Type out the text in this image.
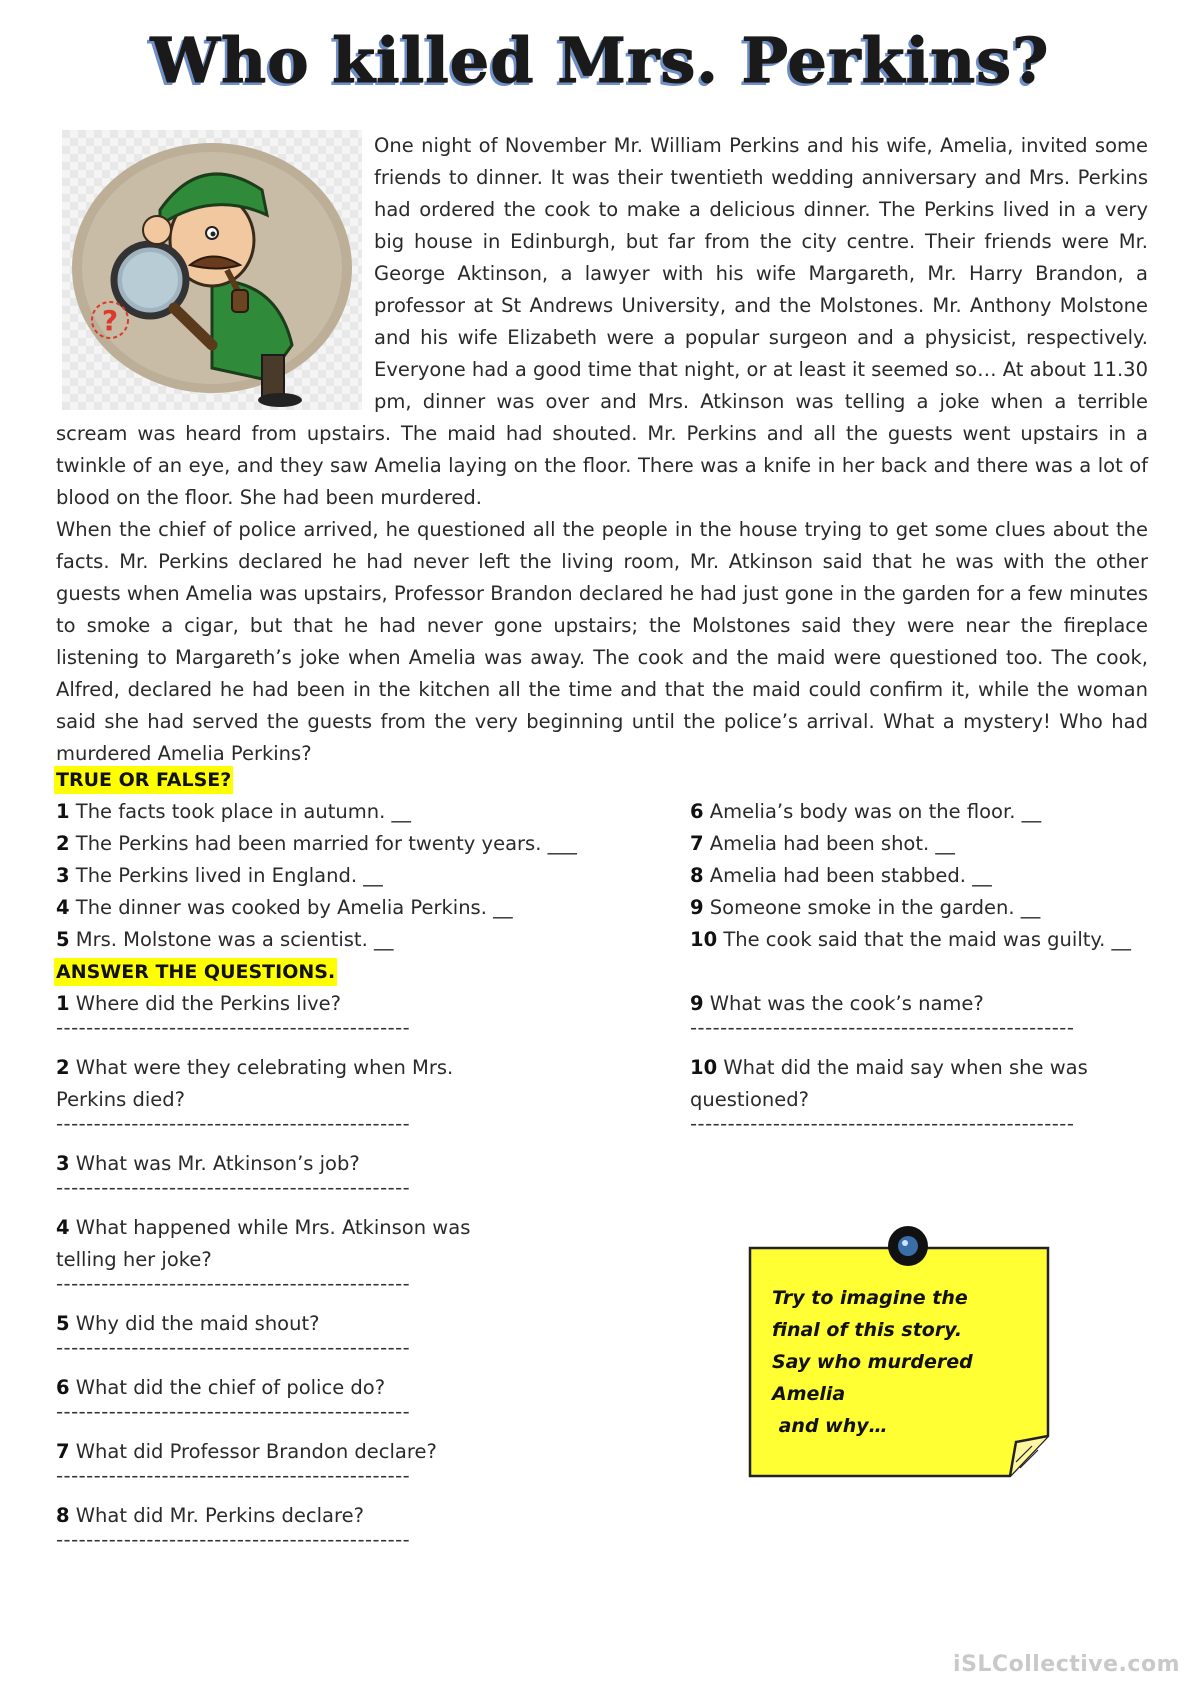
Who killed Mrs. Perkins?
?

One night of November Mr. William Perkins and his wife, Amelia, invited some friends to dinner. It was their twentieth wedding anniversary and Mrs. Perkins had ordered the cook to make a delicious dinner. The Perkins lived in a very big house in Edinburgh, but far from the city centre. Their friends were Mr. George Aktinson, a lawyer with his wife Margareth, Mr. Harry Brandon, a professor at St Andrews University, and the Molstones. Mr. Anthony Molstone and his wife Elizabeth were a popular surgeon and a physicist, respectively. Everyone had a good time that night, or at least it seemed so… At about 11.30 pm, dinner was over and Mrs. Atkinson was telling a joke when a terrible scream was heard from upstairs. The maid had shouted. Mr. Perkins and all the guests went upstairs in a twinkle of an eye, and they saw Amelia laying on the floor. There was a knife in her back and there was a lot of blood on the floor. She had been murdered.

When the chief of police arrived, he questioned all the people in the house trying to get some clues about the facts. Mr. Perkins declared he had never left the living room, Mr. Atkinson said that he was with the other guests when Amelia was upstairs, Professor Brandon declared he had just gone in the garden for a few minutes to smoke a cigar, but that he had never gone upstairs; the Molstones said they were near the fireplace listening to Margareth’s joke when Amelia was away. The cook and the maid were questioned too. The cook, Alfred, declared he had been in the kitchen all the time and that the maid could confirm it, while the woman said she had served the guests from the very beginning until the police’s arrival. What a mystery! Who had murdered Amelia Perkins?

TRUE OR FALSE?
1 The facts took place in autumn. __
2 The Perkins had been married for twenty years. ___
3 The Perkins lived in England. __
4 The dinner was cooked by Amelia Perkins. __
5 Mrs. Molstone was a scientist. __
6 Amelia’s body was on the floor. __
7 Amelia had been shot. __
8 Amelia had been stabbed. __
9 Someone smoke in the garden. __
10 The cook said that the maid was guilty. __
ANSWER THE QUESTIONS.
1 Where did the Perkins live?
-----------------------------------------------
2 What were they celebrating when Mrs. Perkins died?
-----------------------------------------------
3 What was Mr. Atkinson’s job?
-----------------------------------------------
4 What happened while Mrs. Atkinson was telling her joke?
-----------------------------------------------
5 Why did the maid shout?
-----------------------------------------------
6 What did the chief of police do?
-----------------------------------------------
7 What did Professor Brandon declare?
-----------------------------------------------
8 What did Mr. Perkins declare?
-----------------------------------------------
9 What was the cook’s name?
---------------------------------------------------
10 What did the maid say when she was questioned?
---------------------------------------------------
Try to imagine the
final of this story.
Say who murdered Amelia
and why…
iSLCollective.com
